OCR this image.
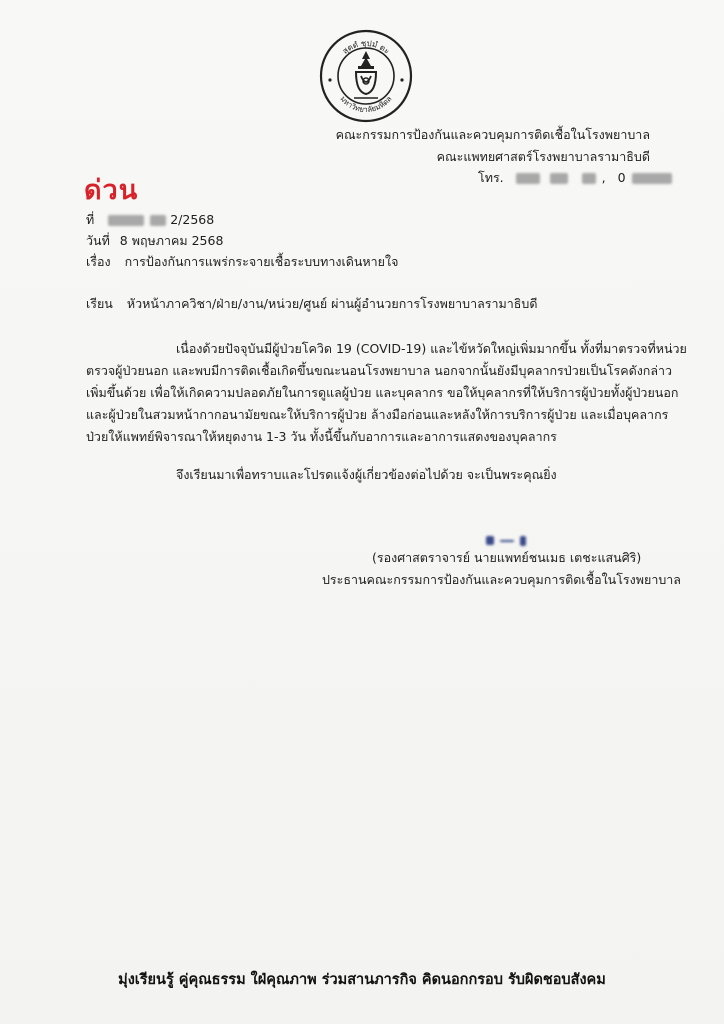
สุตตํ ชุปมํ ตะ
มหาวิทยาลัยมหิดล
คณะกรรมการป้องกันและควบคุมการติดเชื้อในโรงพยาบาล
คณะแพทยศาสตร์โรงพยาบาลรามาธิบดี
โทร.	, 0
ด่วน
ที่	2/2568
วันที่ 8 พฤษภาคม 2568
เรื่อง การป้องกันการแพร่กระจายเชื้อระบบทางเดินหายใจ
เรียน หัวหน้าภาควิชา/ฝ่าย/งาน/หน่วย/ศูนย์ ผ่านผู้อำนวยการโรงพยาบาลรามาธิบดี
เนื่องด้วยปัจจุบันมีผู้ป่วยโควิด 19 (COVID-19) และไข้หวัดใหญ่เพิ่มมากขึ้น ทั้งที่มาตรวจที่หน่วย
ตรวจผู้ป่วยนอก และพบมีการติดเชื้อเกิดขึ้นขณะนอนโรงพยาบาล นอกจากนั้นยังมีบุคลากรป่วยเป็นโรคดังกล่าว
เพิ่มขึ้นด้วย เพื่อให้เกิดความปลอดภัยในการดูแลผู้ป่วย และบุคลากร ขอให้บุคลากรที่ให้บริการผู้ป่วยทั้งผู้ป่วยนอก
และผู้ป่วยในสวมหน้ากากอนามัยขณะให้บริการผู้ป่วย ล้างมือก่อนและหลังให้การบริการผู้ป่วย และเมื่อบุคลากร
ป่วยให้แพทย์พิจารณาให้หยุดงาน 1-3 วัน ทั้งนี้ขึ้นกับอาการและอาการแสดงของบุคลากร
จึงเรียนมาเพื่อทราบและโปรดแจ้งผู้เกี่ยวข้องต่อไปด้วย จะเป็นพระคุณยิ่ง

(รองศาสตราจารย์ นายแพทย์ชนเมธ เตชะแสนศิริ)
ประธานคณะกรรมการป้องกันและควบคุมการติดเชื้อในโรงพยาบาล
มุ่งเรียนรู้ คู่คุณธรรม ใฝ่คุณภาพ ร่วมสานภารกิจ คิดนอกกรอบ รับผิดชอบสังคม
